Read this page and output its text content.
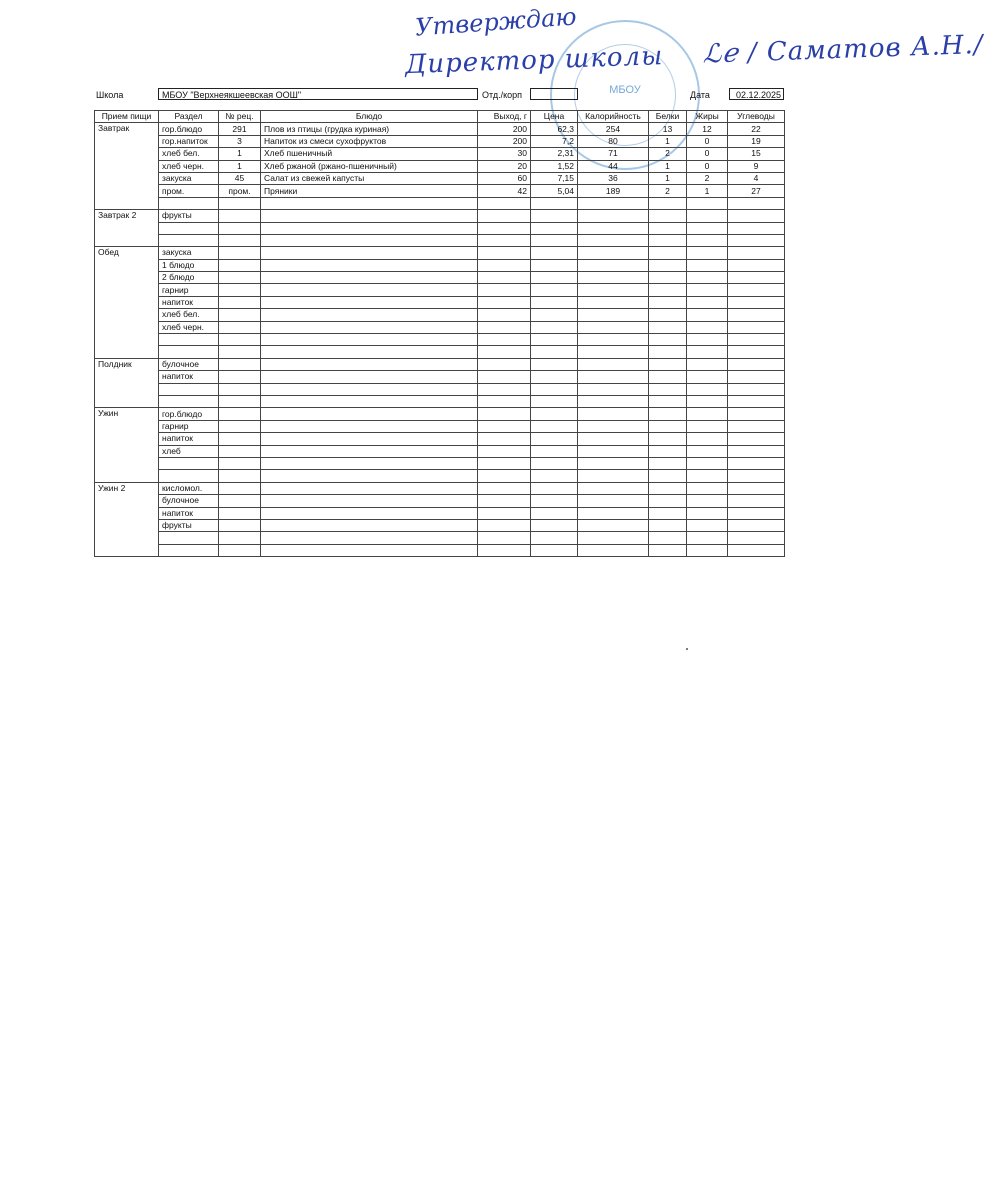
Утверждаю
Директор школы ℒℯ / Саматов А.Н./
МБОУ
Школа	МБОУ "Верхнеякшеевская ООШ"	Отд./корп	Дата	02.12.2025
Прием пищи	Раздел	№ рец.	Блюдо	Выход, г	Цена	Калорийность	Белки	Жиры	Углеводы
Завтрак	гор.блюдо	291	Плов из птицы (грудка куриная)	200	62,3	254	13	12	22
	гор.напиток	3	Напиток из смеси сухофруктов	200	7,2	80	1	0	19
	хлеб бел.	1	Хлеб пшеничный	30	2,31	71	2	0	15
	хлеб черн.	1	Хлеб ржаной (ржано-пшеничный)	20	1,52	44	1	0	9
	закуска	45	Салат из свежей капусты	60	7,15	36	1	2	4
	пром.	пром.	Пряники	42	5,04	189	2	1	27

Завтрак 2	фрукты								

Обед	закуска								
	1 блюдо								
	2 блюдо								
	гарнир								
	напиток								
	хлеб бел.								
	хлеб черн.								

Полдник	булочное								
	напиток								

Ужин	гор.блюдо								
	гарнир								
	напиток								
	хлеб								

Ужин 2	кисломол.								
	булочное								
	напиток								
	фрукты								
